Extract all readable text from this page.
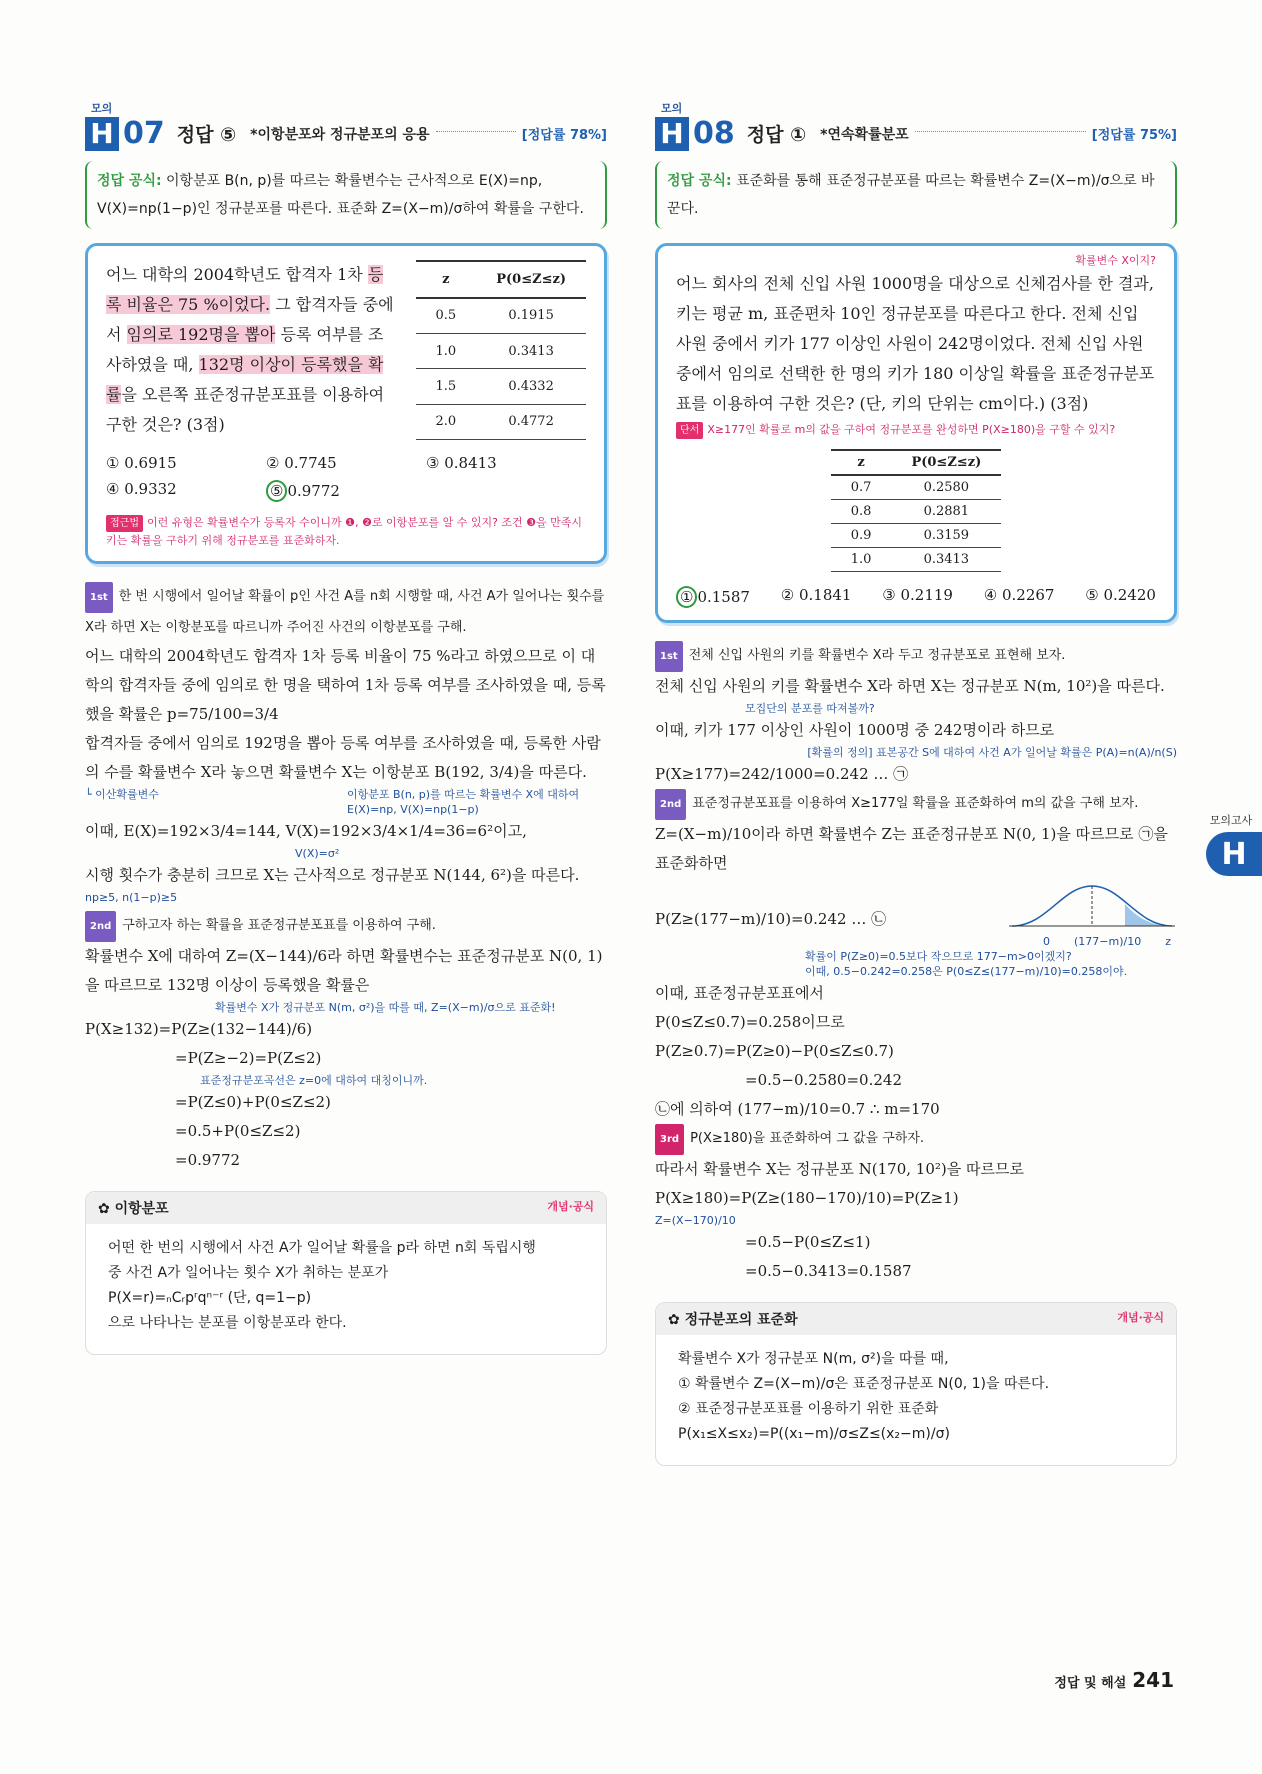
모의
H 07 정답 ⑤ *이항분포와 정규분포의 응용	[정답률 78%]
정답 공식: 이항분포 B(n, p)를 따르는 확률변수는 근사적으로 E(X)=np, V(X)=np(1−p)인 정규분포를 따른다. 표준화 Z=(X−m)/σ하여 확률을 구한다.
어느 대학의 2004학년도 합격자 1차 등록 비율은 75 %이었다. 그 합격자들 중에서 임의로 192명을 뽑아 등록 여부를 조사하였을 때, 132명 이상이 등록했을 확률을 오른쪽 표준정규분포표를 이용하여 구한 것은? (3점)
z	P(0≤Z≤z)
0.5	0.1915
1.0	0.3413
1.5	0.4332
2.0	0.4772
① 0.6915	② 0.7745	③ 0.8413
④ 0.9332	⑤ 0.9772
접근법 이런 유형은 확률변수가 등록자 수이니까 ❶, ❷로 이항분포를 알 수 있지? 조건 ❸을 만족시키는 확률을 구하기 위해 정규분포를 표준화하자.
1st 한 번 시행에서 일어날 확률이 p인 사건 A를 n회 시행할 때, 사건 A가 일어나는 횟수를 X라 하면 X는 이항분포를 따르니까 주어진 사건의 이항분포를 구해.
어느 대학의 2004학년도 합격자 1차 등록 비율이 75 %라고 하였으므로 이 대학의 합격자들 중에 임의로 한 명을 택하여 1차 등록 여부를 조사하였을 때, 등록했을 확률은 p=75/100=3/4
합격자들 중에서 임의로 192명을 뽑아 등록 여부를 조사하였을 때, 등록한 사람의 수를 확률변수 X라 놓으면 확률변수 X는 이항분포 B(192, 3/4)을 따른다.
└ 이산확률변수	이항분포 B(n, p)를 따르는 확률변수 X에 대하여 E(X)=np, V(X)=np(1−p)
이때, E(X)=192×3/4=144, V(X)=192×3/4×1/4=36=6²이고,
V(X)=σ²
시행 횟수가 충분히 크므로 X는 근사적으로 정규분포 N(144, 6²)을 따른다.
np≥5, n(1−p)≥5
2nd 구하고자 하는 확률을 표준정규분포표를 이용하여 구해.
확률변수 X에 대하여 Z=(X−144)/6라 하면 확률변수는 표준정규분포 N(0, 1)을 따르므로 132명 이상이 등록했을 확률은
확률변수 X가 정규분포 N(m, σ²)을 따를 때, Z=(X−m)/σ으로 표준화!
P(X≥132)=P(Z≥(132−144)/6)
=P(Z≥−2)=P(Z≤2)
표준정규분포곡선은 z=0에 대하여 대칭이니까.
=P(Z≤0)+P(0≤Z≤2)
=0.5+P(0≤Z≤2)
=0.9772
✿ 이항분포	개념·공식
어떤 한 번의 시행에서 사건 A가 일어날 확률을 p라 하면 n회 독립시행
중 사건 A가 일어나는 횟수 X가 취하는 분포가
P(X=r)=ₙCᵣpʳqⁿ⁻ʳ (단, q=1−p)
으로 나타나는 분포를 이항분포라 한다.
모의
H 08 정답 ① *연속확률분포	[정답률 75%]
정답 공식: 표준화를 통해 표준정규분포를 따르는 확률변수 Z=(X−m)/σ으로 바꾼다.
확률변수 X이지?
어느 회사의 전체 신입 사원 1000명을 대상으로 신체검사를 한 결과, 키는 평균 m, 표준편차 10인 정규분포를 따른다고 한다. 전체 신입 사원 중에서 키가 177 이상인 사원이 242명이었다. 전체 신입 사원 중에서 임의로 선택한 한 명의 키가 180 이상일 확률을 표준정규분포표를 이용하여 구한 것은? (단, 키의 단위는 cm이다.) (3점)
단서 X≥177인 확률로 m의 값을 구하여 정규분포를 완성하면 P(X≥180)을 구할 수 있지?
z	P(0≤Z≤z)
0.7	0.2580
0.8	0.2881
0.9	0.3159
1.0	0.3413
① 0.1587 ② 0.1841 ③ 0.2119 ④ 0.2267 ⑤ 0.2420
1st 전체 신입 사원의 키를 확률변수 X라 두고 정규분포로 표현해 보자.
전체 신입 사원의 키를 확률변수 X라 하면 X는 정규분포 N(m, 10²)을 따른다.
모집단의 분포를 따져볼까?
이때, 키가 177 이상인 사원이 1000명 중 242명이라 하므로
[확률의 정의] 표본공간 S에 대하여 사건 A가 일어날 확률은 P(A)=n(A)/n(S)
P(X≥177)=242/1000=0.242 … ㉠
2nd 표준정규분포표를 이용하여 X≥177일 확률을 표준화하여 m의 값을 구해 보자.
Z=(X−m)/10이라 하면 확률변수 Z는 표준정규분포 N(0, 1)을 따르므로 ㉠을 표준화하면
P(Z≥(177−m)/10)=0.242 … ㉡
0 (177−m)/10 z
확률이 P(Z≥0)=0.5보다 작으므로 177−m>0이겠지?
이때, 0.5−0.242=0.258은 P(0≤Z≤(177−m)/10)=0.258이야.
이때, 표준정규분포표에서
P(0≤Z≤0.7)=0.258이므로
P(Z≥0.7)=P(Z≥0)−P(0≤Z≤0.7)
=0.5−0.2580=0.242
㉡에 의하여 (177−m)/10=0.7 ∴ m=170
3rd P(X≥180)을 표준화하여 그 값을 구하자.
따라서 확률변수 X는 정규분포 N(170, 10²)을 따르므로
P(X≥180)=P(Z≥(180−170)/10)=P(Z≥1)
Z=(X−170)/10
=0.5−P(0≤Z≤1)
=0.5−0.3413=0.1587
✿ 정규분포의 표준화	개념·공식
확률변수 X가 정규분포 N(m, σ²)을 따를 때,
① 확률변수 Z=(X−m)/σ은 표준정규분포 N(0, 1)을 따른다.
② 표준정규분포표를 이용하기 위한 표준화
P(x₁≤X≤x₂)=P((x₁−m)/σ≤Z≤(x₂−m)/σ)
모의고사
H
정답 및 해설 241
